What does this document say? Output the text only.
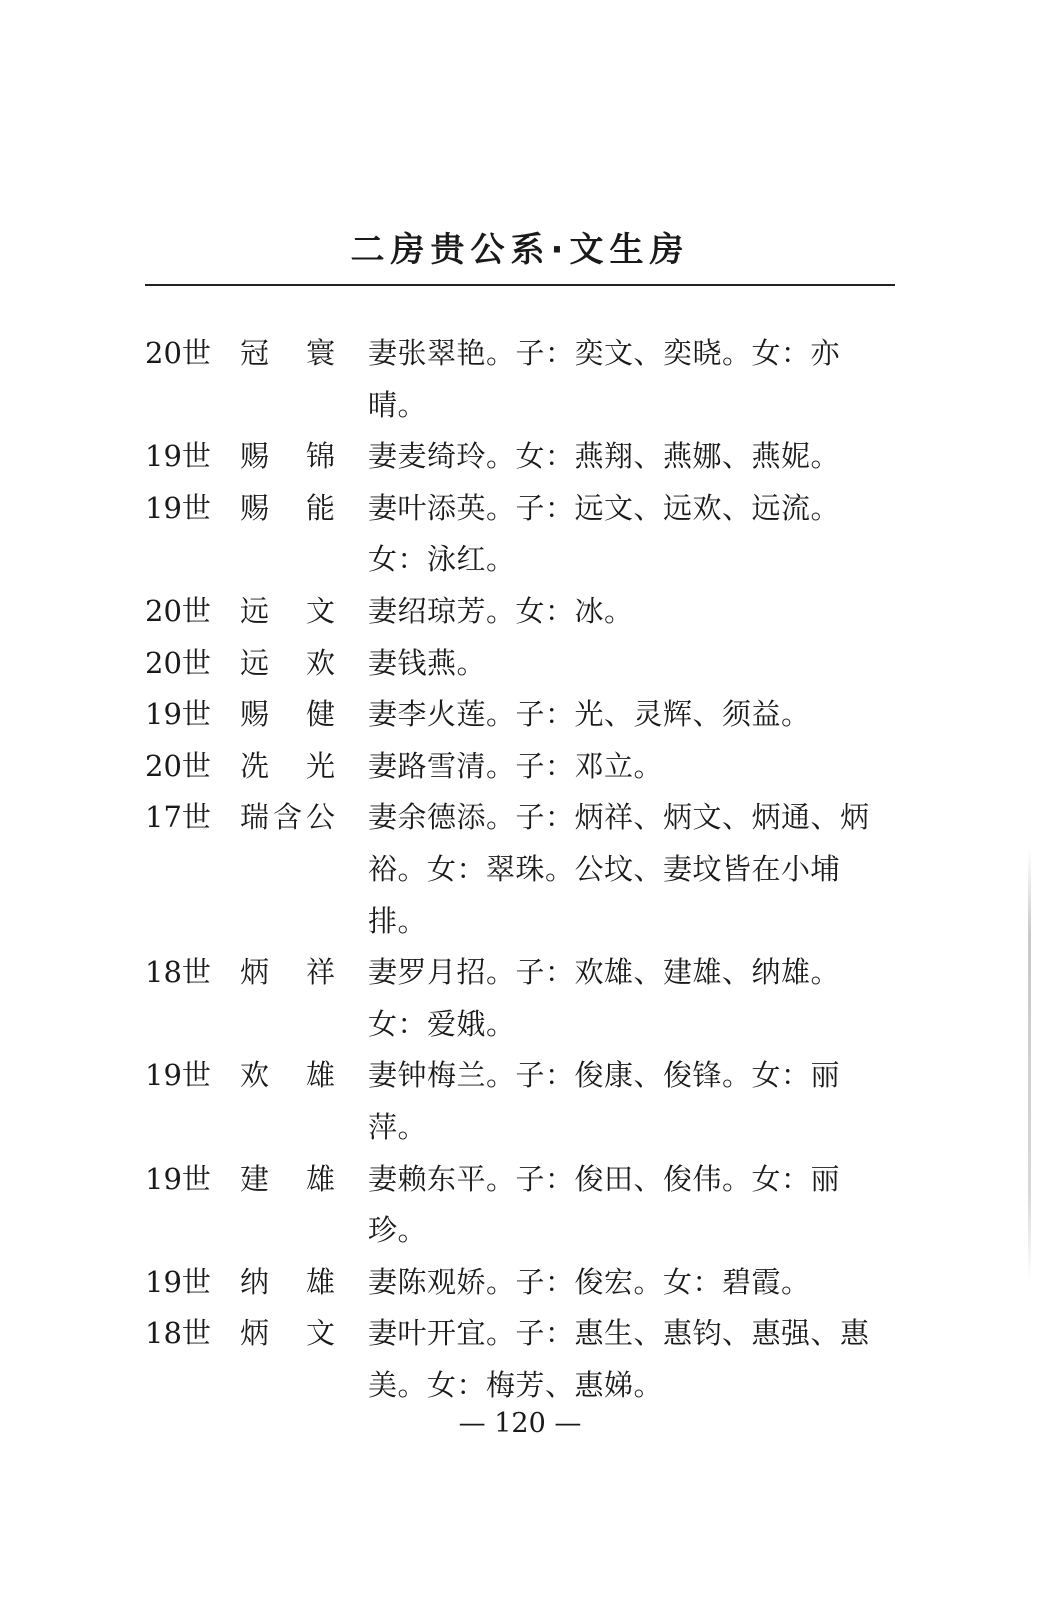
二房贵公系·文生房
20世	冠寰 妻张翠艳。子：奕文、奕晓。女：亦晴。
19世	赐锦 妻麦绮玲。女：燕翔、燕娜、燕妮。
19世	赐能 妻叶添英。子：远文、远欢、远流。女：泳红。
20世	远文 妻绍琼芳。女：冰。
20世	远欢 妻钱燕。
19世	赐健 妻李火莲。子：光、灵辉、须益。
20世	冼光 妻路雪清。子：邓立。
17世	瑞含公 妻余德添。子：炳祥、炳文、炳通、炳裕。女：翠珠。公坟、妻坟皆在小埔排。
18世	炳祥 妻罗月招。子：欢雄、建雄、纳雄。女：爱娥。
19世	欢雄 妻钟梅兰。子：俊康、俊锋。女：丽萍。
19世	建雄 妻赖东平。子：俊田、俊伟。女：丽珍。
19世	纳雄 妻陈观娇。子：俊宏。女：碧霞。
18世	炳文 妻叶开宜。子：惠生、惠钧、惠强、惠美。女：梅芳、惠娣。
— 120 —
